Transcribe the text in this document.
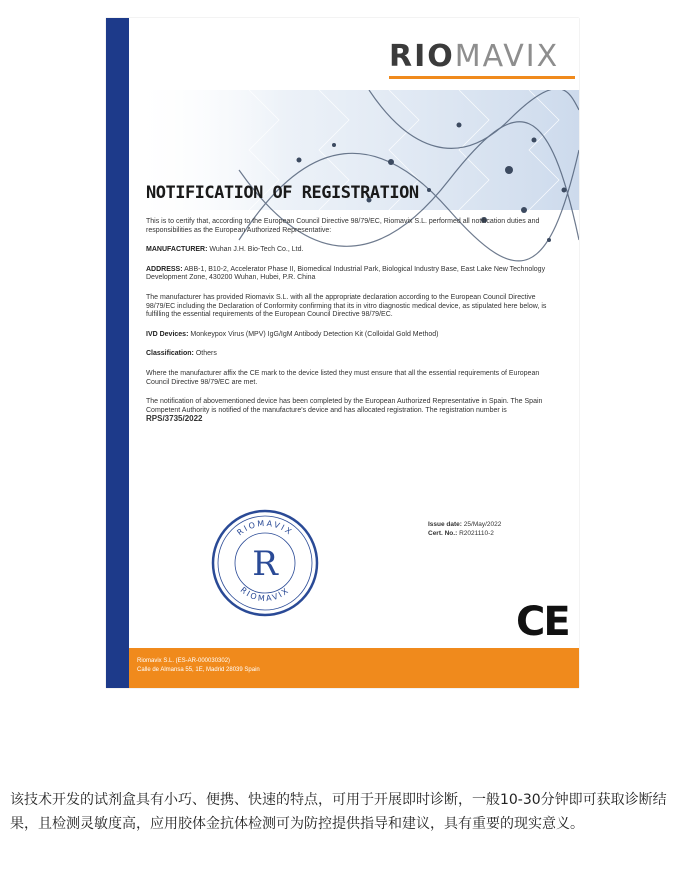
RIOMAVIX
NOTIFICATION OF REGISTRATION

This is to certify that, according to the European Council Directive 98/79/EC, Riomavix S.L. performed all notification duties and responsibilities as the European Authorized Representative:

MANUFACTURER: Wuhan J.H. Bio-Tech Co., Ltd.

ADDRESS: ABB-1, B10-2, Accelerator Phase II, Biomedical Industrial Park, Biological Industry Base, East Lake New Technology Development Zone, 430200 Wuhan, Hubei, P.R. China

The manufacturer has provided Riomavix S.L. with all the appropriate declaration according to the European Council Directive 98/79/EC including the Declaration of Conformity confirming that its in vitro diagnostic medical device, as stipulated here below, is fulfilling the essential requirements of the European Council Directive 98/79/EC.

IVD Devices: Monkeypox Virus (MPV) IgG/IgM Antibody Detection Kit (Colloidal Gold Method)

Classification: Others

Where the manufacturer affix the CE mark to the device listed they must ensure that all the essential requirements of European Council Directive 98/79/EC are met.

The notification of abovementioned device has been completed by the European Authorized Representative in Spain. The Spain Competent Authority is notified of the manufacture's device and has allocated registration. The registration number is RPS/3735/2022

RIOMAVIX
RIOMAVIX
R
Issue date: 25/May/2022
Cert. No.: R2021110-2
CE
Riomavix S.L. (ES-AR-000030302)
Calle de Almansa 55, 1E, Madrid 28039 Spain
该技术开发的试剂盒具有小巧、便携、快速的特点，可用于开展即时诊断，一般10-30分钟即可获取诊断结果，且检测灵敏度高，应用胶体金抗体检测可为防控提供指导和建议，具有重要的现实意义。
